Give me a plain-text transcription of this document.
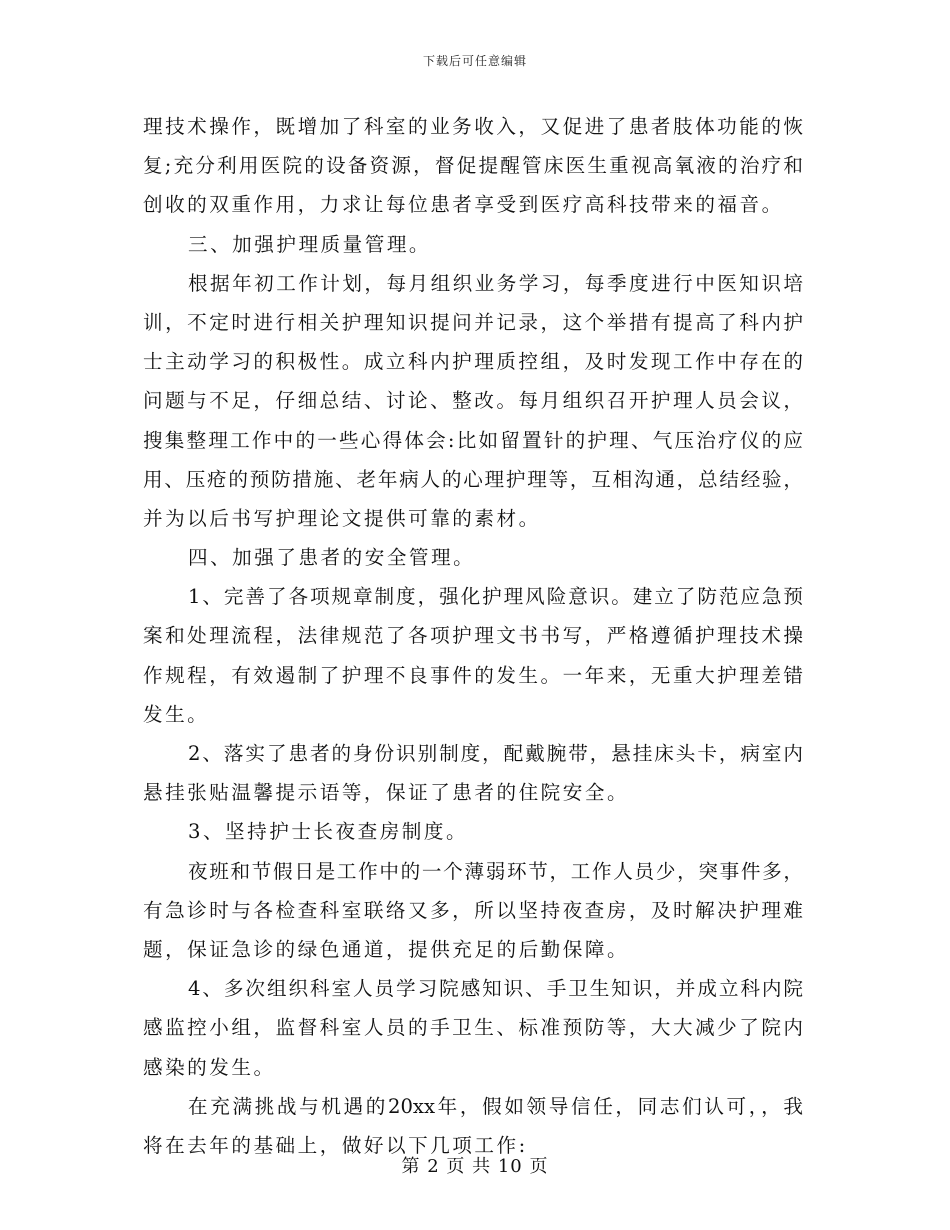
下载后可任意编辑
理技术操作，既增加了科室的业务收入，又促进了患者肢体功能的恢
复;充分利用医院的设备资源，督促提醒管床医生重视高氧液的治疗和
创收的双重作用，力求让每位患者享受到医疗高科技带来的福音。
三、加强护理质量管理。
根据年初工作计划，每月组织业务学习，每季度进行中医知识培
训，不定时进行相关护理知识提问并记录，这个举措有提高了科内护
士主动学习的积极性。成立科内护理质控组，及时发现工作中存在的
问题与不足，仔细总结、讨论、整改。每月组织召开护理人员会议，
搜集整理工作中的一些心得体会:比如留置针的护理、气压治疗仪的应
用、压疮的预防措施、老年病人的心理护理等，互相沟通，总结经验，
并为以后书写护理论文提供可靠的素材。
四、加强了患者的安全管理。
1、完善了各项规章制度，强化护理风险意识。建立了防范应急预
案和处理流程，法律规范了各项护理文书书写，严格遵循护理技术操
作规程，有效遏制了护理不良事件的发生。一年来，无重大护理差错
发生。
2、落实了患者的身份识别制度，配戴腕带，悬挂床头卡，病室内
悬挂张贴温馨提示语等，保证了患者的住院安全。
3、坚持护士长夜查房制度。
夜班和节假日是工作中的一个薄弱环节，工作人员少，突事件多，
有急诊时与各检查科室联络又多，所以坚持夜查房，及时解决护理难
题，保证急诊的绿色通道，提供充足的后勤保障。
4、多次组织科室人员学习院感知识、手卫生知识，并成立科内院
感监控小组，监督科室人员的手卫生、标准预防等，大大减少了院内
感染的发生。
在充满挑战与机遇的20xx年，假如领导信任，同志们认可，，我
将在去年的基础上，做好以下几项工作:
第 2 页 共 10 页
